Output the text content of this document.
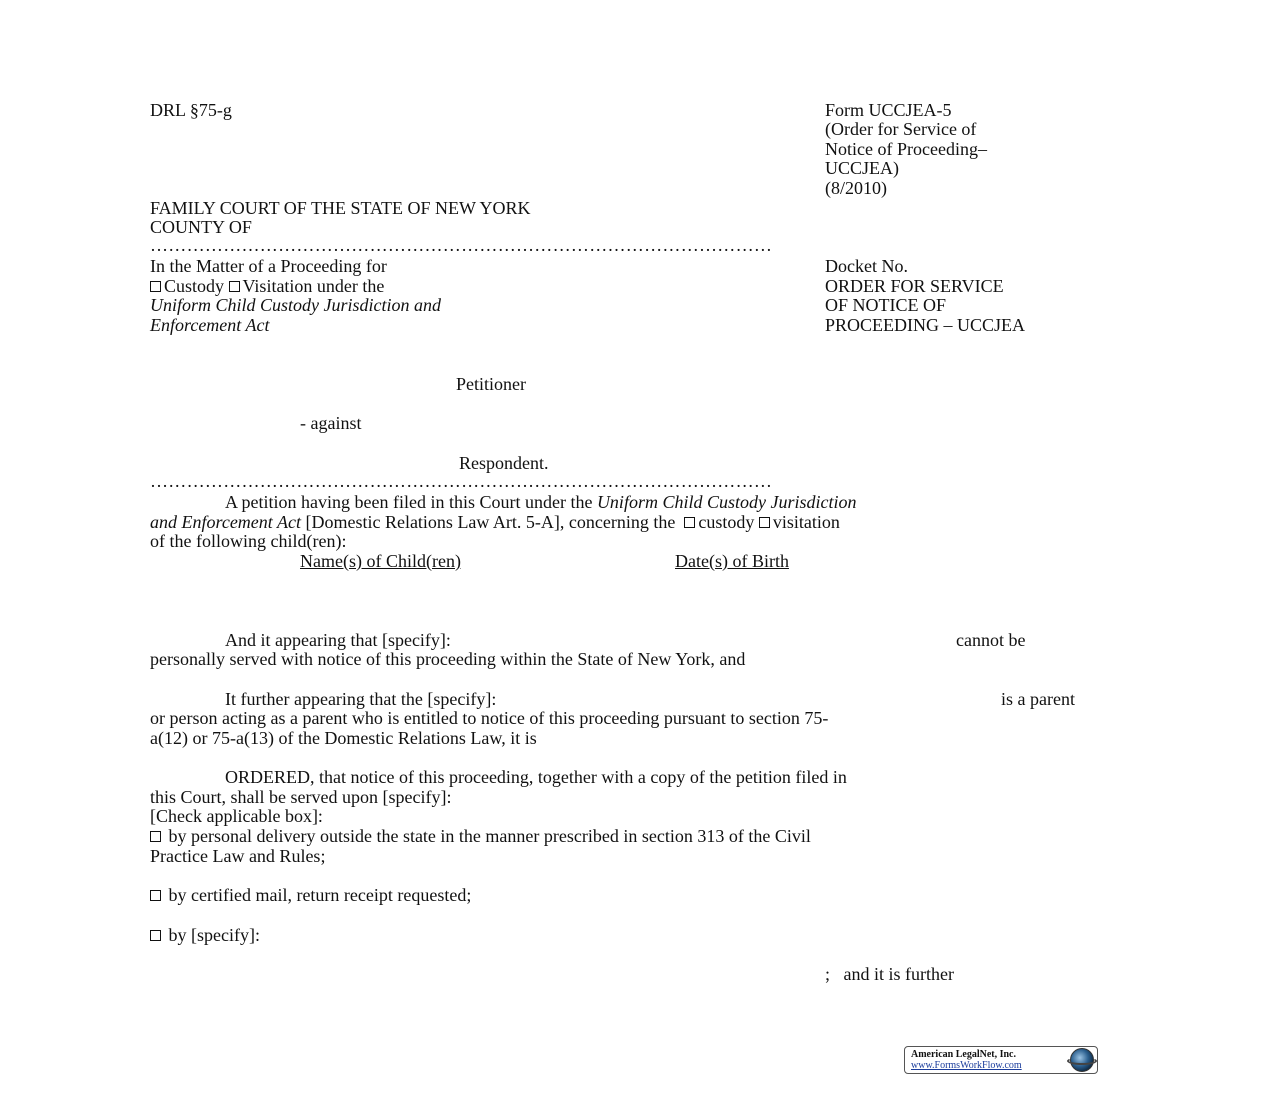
DRL §75-g	Form UCCJEA-5
(Order for Service of
Notice of Proceeding–
UCCJEA)
(8/2010)
FAMILY COURT OF THE STATE OF NEW YORK
COUNTY OF
…………………………………………………………………………………………
In the Matter of a Proceeding for
Custody Visitation under the
Uniform Child Custody Jurisdiction and
Enforcement Act
Docket No.
ORDER FOR SERVICE
OF NOTICE OF
PROCEEDING – UCCJEA
Petitioner
- against
Respondent.
…………………………………………………………………………………………
A petition having been filed in this Court under the Uniform Child Custody Jurisdiction
and Enforcement Act [Domestic Relations Law Art. 5-A], concerning the  custody visitation
of the following child(ren):
Name(s) of Child(ren)	Date(s) of Birth
And it appearing that [specify]:	cannot be
personally served with notice of this proceeding within the State of New York, and
It further appearing that the [specify]:	is a parent
or person acting as a parent who is entitled to notice of this proceeding pursuant to section 75-
a(12) or 75-a(13) of the Domestic Relations Law, it is
ORDERED, that notice of this proceeding, together with a copy of the petition filed in
this Court, shall be served upon [specify]:
[Check applicable box]:
by personal delivery outside the state in the manner prescribed in section 313 of the Civil
Practice Law and Rules;
by certified mail, return receipt requested;
by [specify]:
;   and it is further
American LegalNet, Inc.
www.FormsWorkFlow.com
